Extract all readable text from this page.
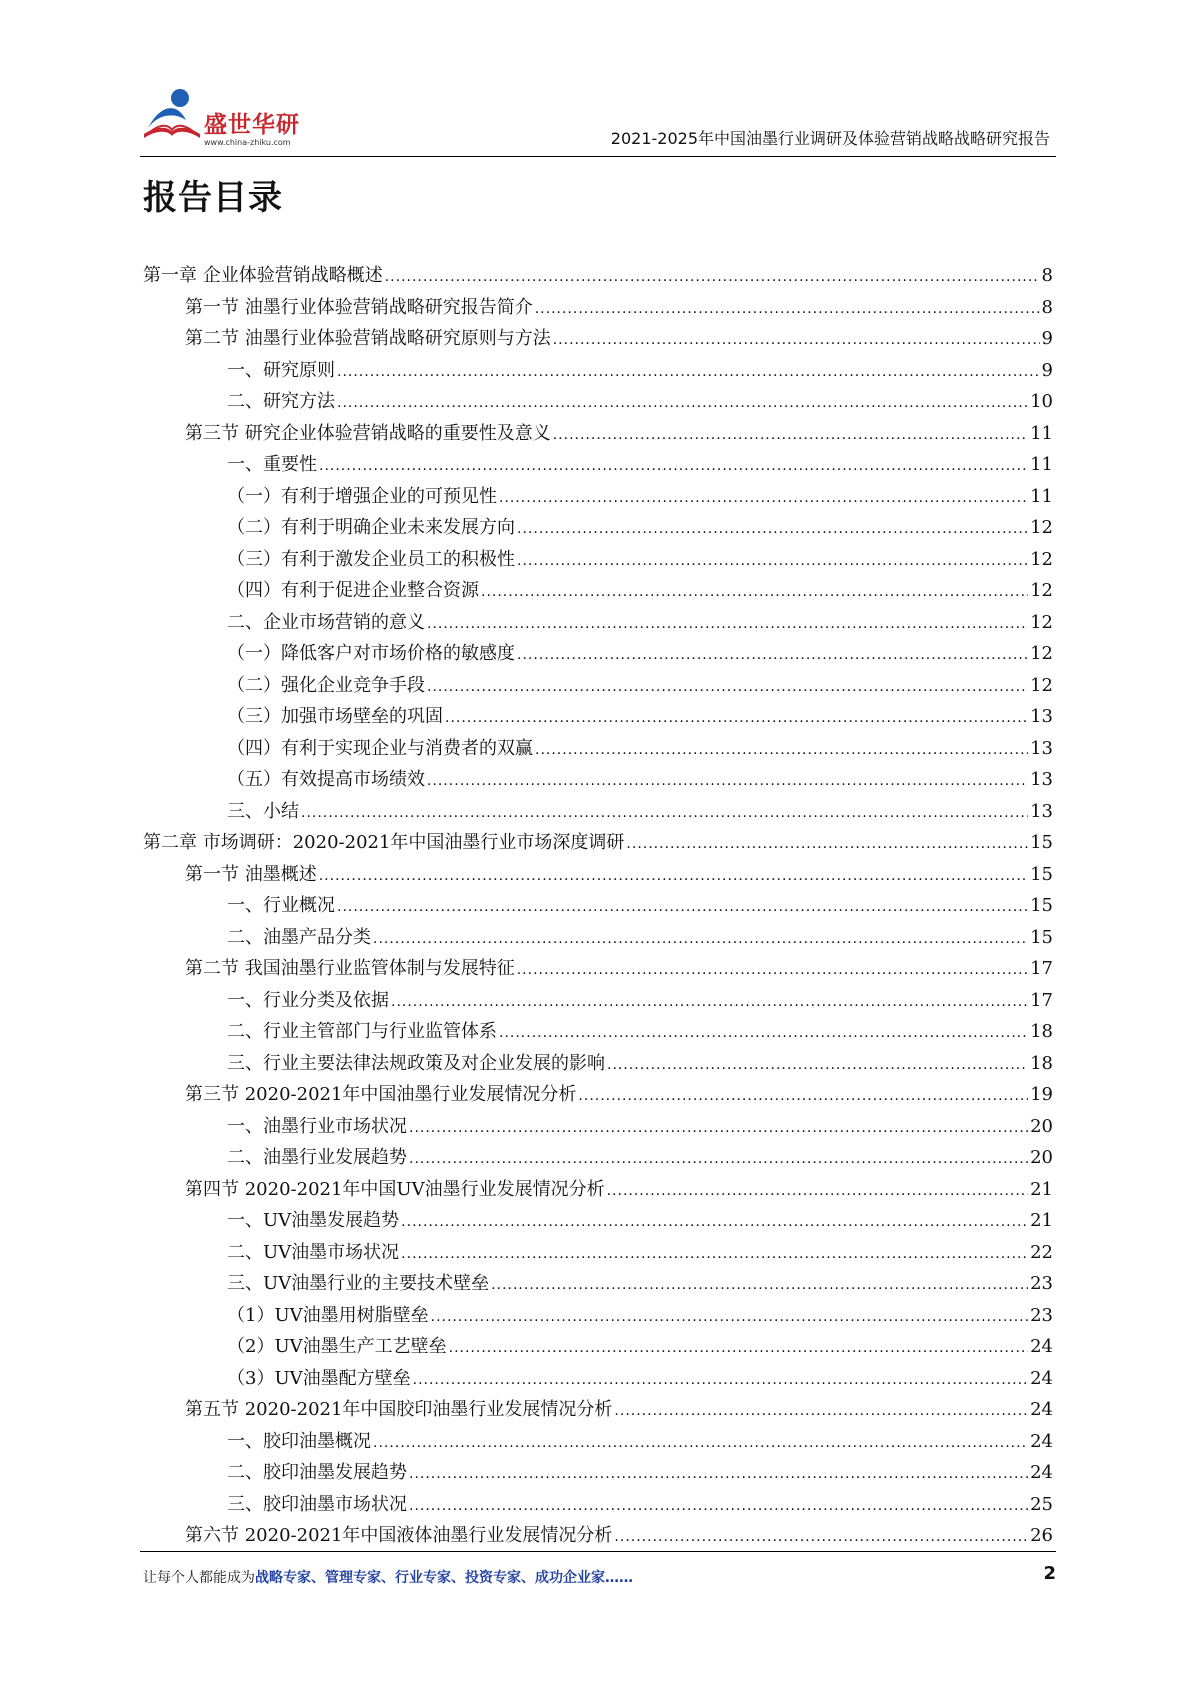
盛世华研
www.china-zhiku.com	2021-2025年中国油墨行业调研及体验营销战略战略研究报告
报告目录
第一章 企业体验营销战略概述 .....	8
第一节 油墨行业体验营销战略研究报告简介 .....	8
第二节 油墨行业体验营销战略研究原则与方法 .....	9
一、研究原则 .....	9
二、研究方法 .....	10
第三节 研究企业体验营销战略的重要性及意义 .....	11
一、重要性 .....	11
（一）有利于增强企业的可预见性 .....	11
（二）有利于明确企业未来发展方向 .....	12
（三）有利于激发企业员工的积极性 .....	12
（四）有利于促进企业整合资源 .....	12
二、企业市场营销的意义 .....	12
（一）降低客户对市场价格的敏感度 .....	12
（二）强化企业竞争手段 .....	12
（三）加强市场壁垒的巩固 .....	13
（四）有利于实现企业与消费者的双赢 .....	13
（五）有效提高市场绩效 .....	13
三、小结 .....	13
第二章 市场调研：2020-2021年中国油墨行业市场深度调研 .....	15
第一节 油墨概述 .....	15
一、行业概况 .....	15
二、油墨产品分类 .....	15
第二节 我国油墨行业监管体制与发展特征 .....	17
一、行业分类及依据 .....	17
二、行业主管部门与行业监管体系 .....	18
三、行业主要法律法规政策及对企业发展的影响 .....	18
第三节 2020-2021年中国油墨行业发展情况分析 .....	19
一、油墨行业市场状况 .....	20
二、油墨行业发展趋势 .....	20
第四节 2020-2021年中国UV油墨行业发展情况分析 .....	21
一、UV油墨发展趋势 .....	21
二、UV油墨市场状况 .....	22
三、UV油墨行业的主要技术壁垒 .....	23
（1）UV油墨用树脂壁垒 .....	23
（2）UV油墨生产工艺壁垒 .....	24
（3）UV油墨配方壁垒 .....	24
第五节 2020-2021年中国胶印油墨行业发展情况分析 .....	24
一、胶印油墨概况 .....	24
二、胶印油墨发展趋势 .....	24
三、胶印油墨市场状况 .....	25
第六节 2020-2021年中国液体油墨行业发展情况分析 .....	26
让每个人都能成为战略专家、管理专家、行业专家、投资专家、成功企业家……	2
